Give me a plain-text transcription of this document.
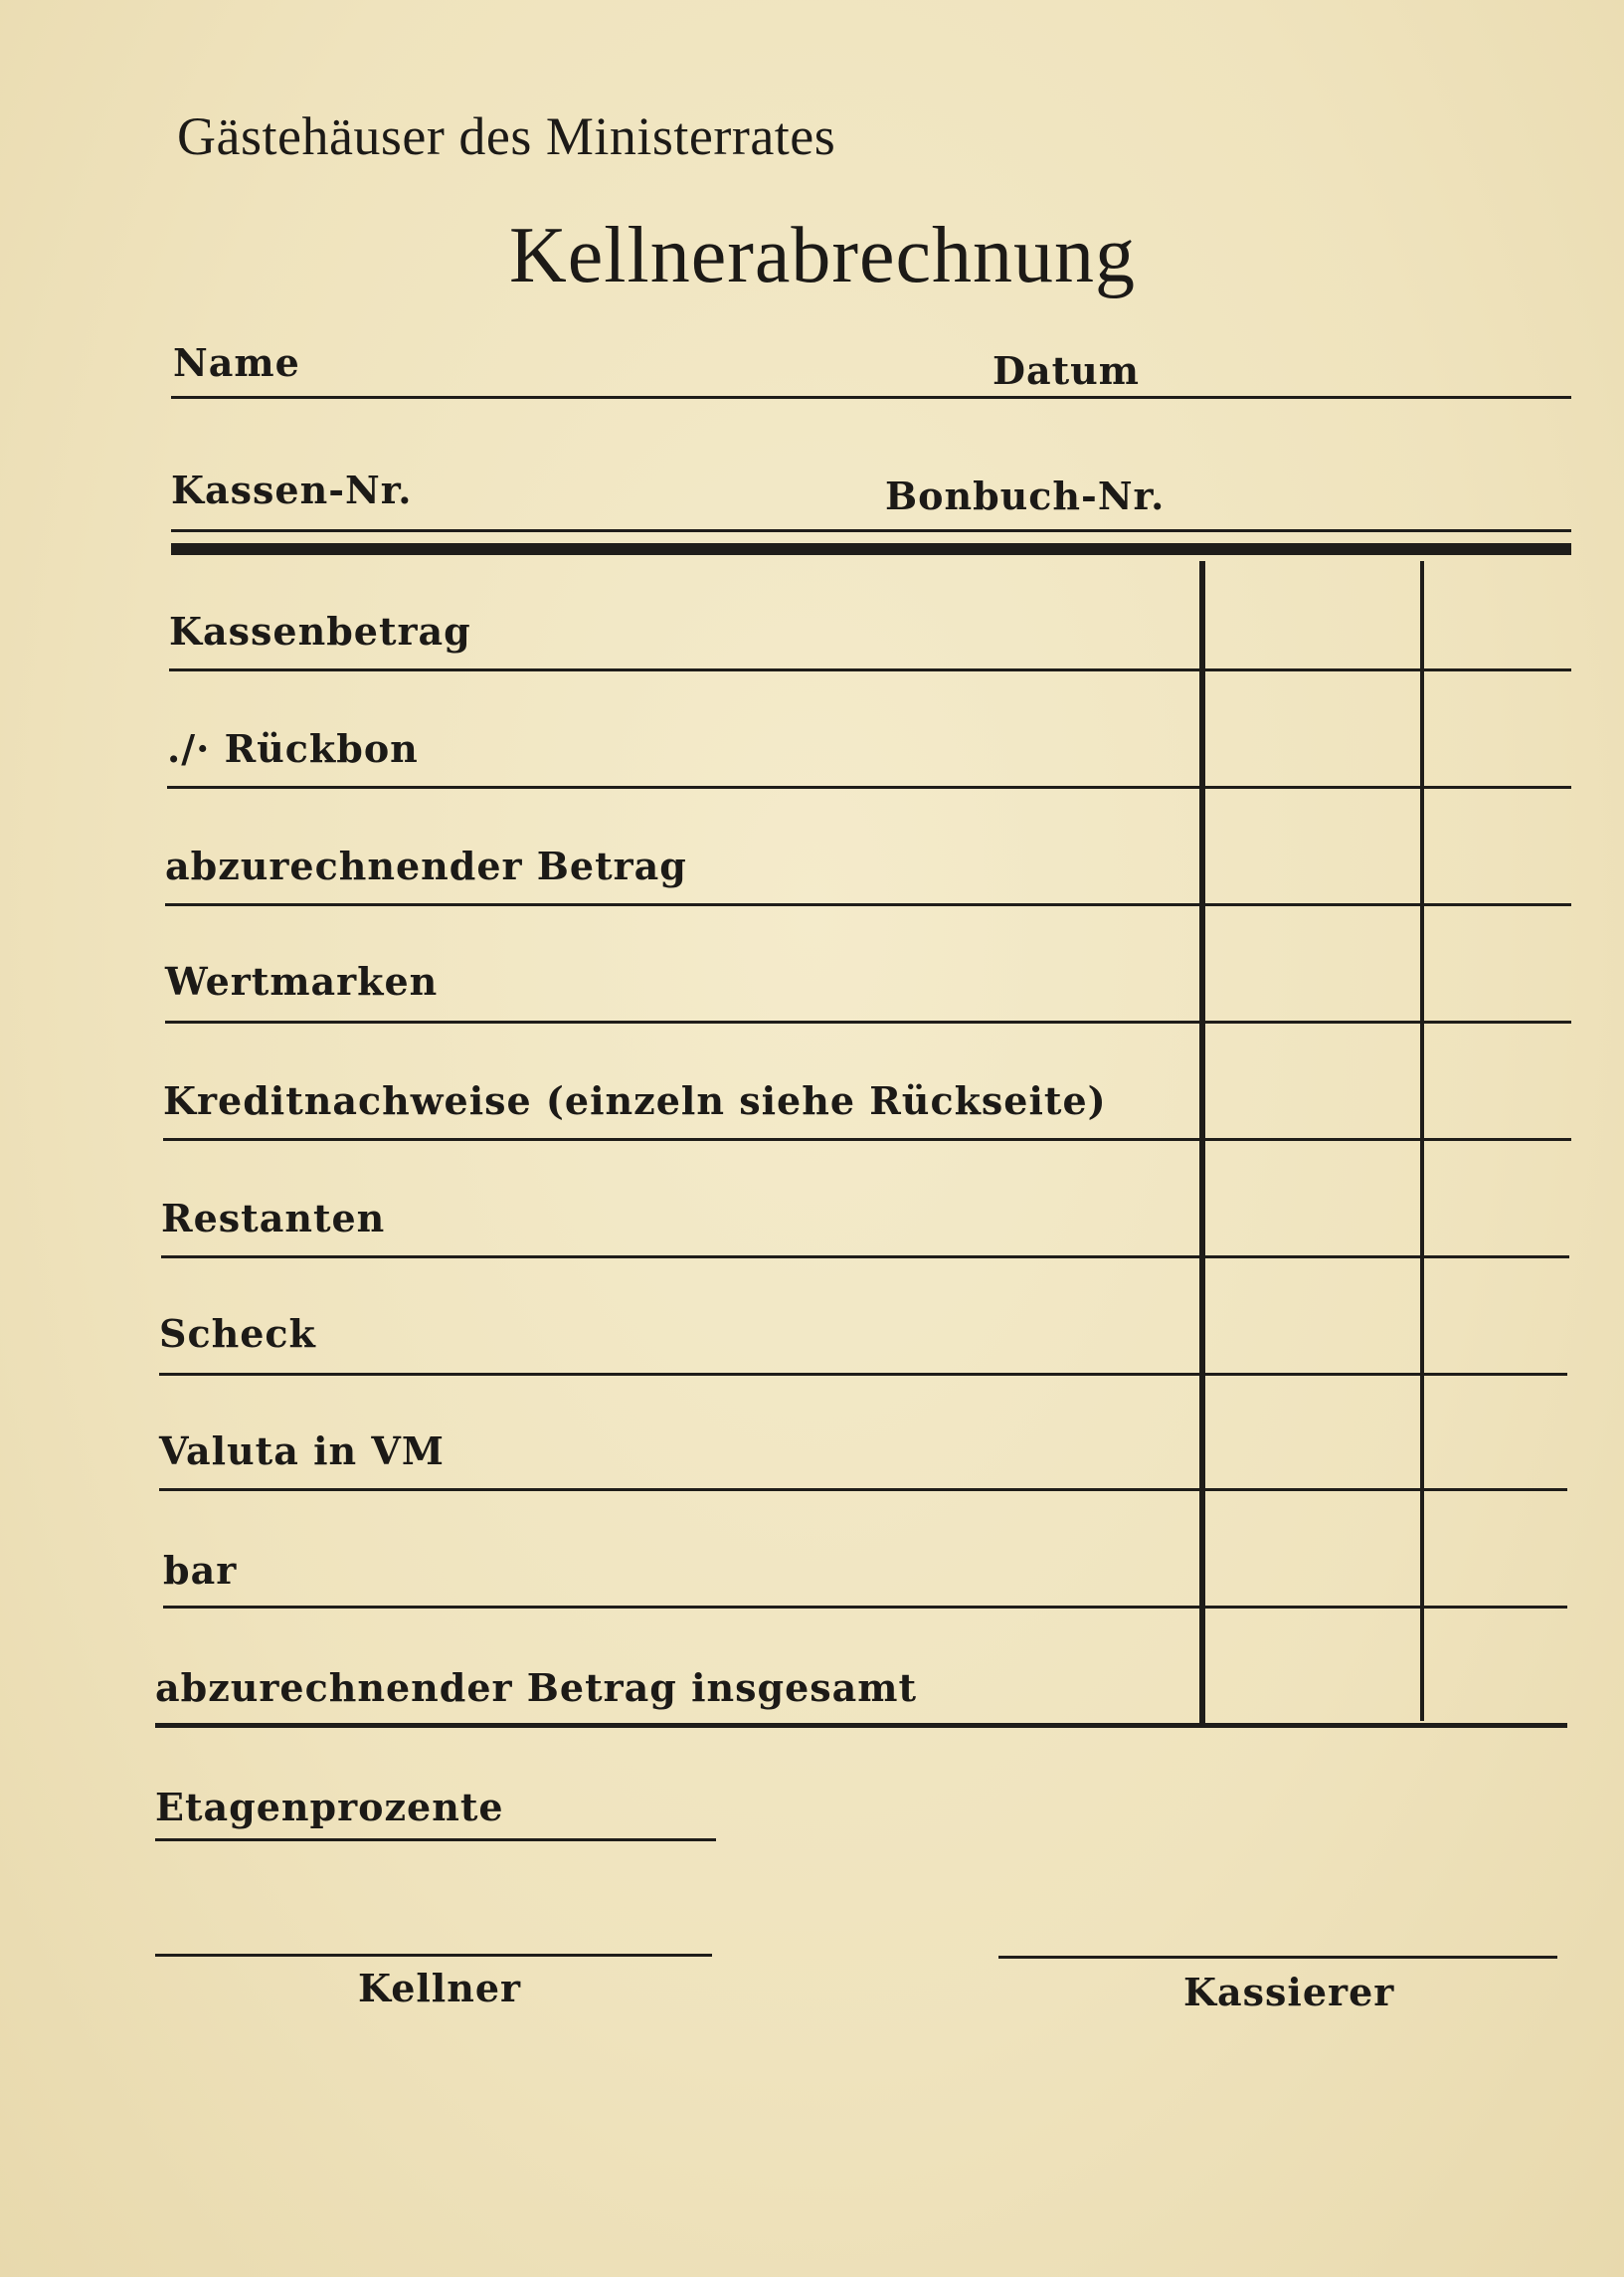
Gästehäuser des Ministerrates
Kellnerabrechnung
Name	Datum
Kassen-Nr.	Bonbuch-Nr.
Kassenbetrag
./· Rückbon
abzurechnender Betrag
Wertmarken
Kreditnachweise (einzeln siehe Rückseite)
Restanten
Scheck
Valuta in VM
bar
abzurechnender Betrag insgesamt
Etagenprozente
Kellner	Kassierer
